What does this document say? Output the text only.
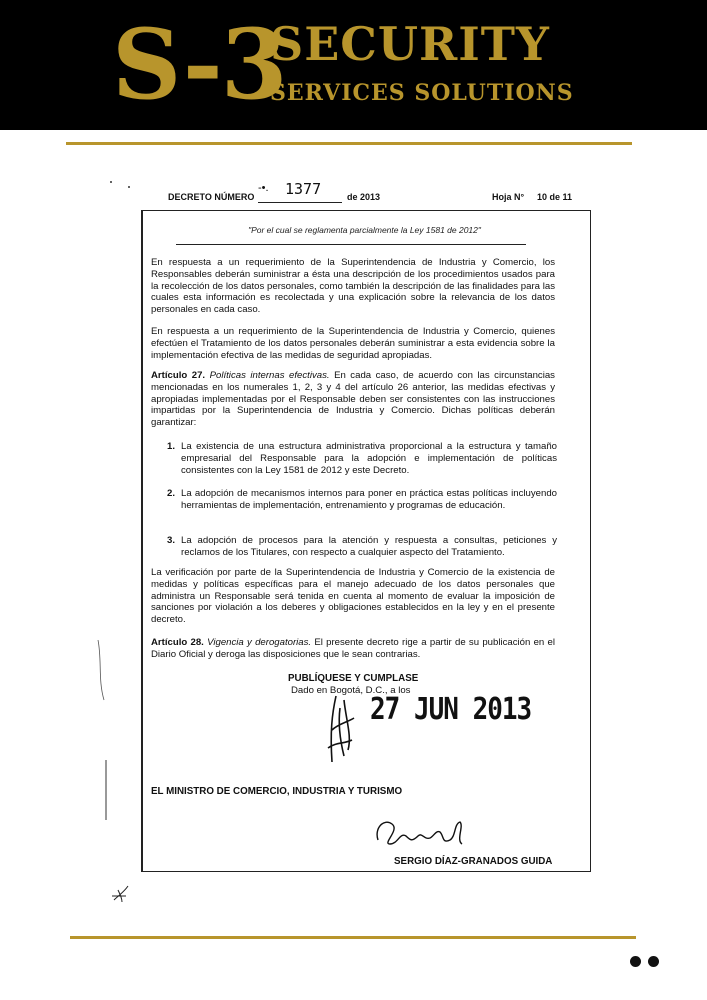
S-3
SECURITY
SERVICES SOLUTIONS
DECRETO NÚMERO
-•. 1377	de 2013	Hoja N° 10 de 11
"Por el cual se reglamenta parcialmente la Ley 1581 de 2012"
En respuesta a un requerimiento de la Superintendencia de Industria y Comercio, los Responsables deberán suministrar a ésta una descripción de los procedimientos usados para la recolección de los datos personales, como también la descripción de las finalidades para las cuales esta información es recolectada y una explicación sobre la relevancia de los datos personales en cada caso.
En respuesta a un requerimiento de la Superintendencia de Industria y Comercio, quienes efectúen el Tratamiento de los datos personales deberán suministrar a esta evidencia sobre la implementación efectiva de las medidas de seguridad apropiadas.
Artículo 27. Políticas internas efectivas. En cada caso, de acuerdo con las circunstancias mencionadas en los numerales 1, 2, 3 y 4 del artículo 26 anterior, las medidas efectivas y apropiadas implementadas por el Responsable deben ser consistentes con las instrucciones impartidas por la Superintendencia de Industria y Comercio. Dichas políticas deberán garantizar:
1. La existencia de una estructura administrativa proporcional a la estructura y tamaño empresarial del Responsable para la adopción e implementación de políticas consistentes con la Ley 1581 de 2012 y este Decreto.
2. La adopción de mecanismos internos para poner en práctica estas políticas incluyendo herramientas de implementación, entrenamiento y programas de educación.
3. La adopción de procesos para la atención y respuesta a consultas, peticiones y reclamos de los Titulares, con respecto a cualquier aspecto del Tratamiento.
La verificación por parte de la Superintendencia de Industria y Comercio de la existencia de medidas y políticas específicas para el manejo adecuado de los datos personales que administra un Responsable será tenida en cuenta al momento de evaluar la imposición de sanciones por violación a los deberes y obligaciones establecidos en la ley y en el presente decreto.
Artículo 28. Vigencia y derogatorias. El presente decreto rige a partir de su publicación en el Diario Oficial y deroga las disposiciones que le sean contrarias.
PUBLÍQUESE Y CUMPLASE
Dado en Bogotá, D.C., a los
27 JUN 2013
EL MINISTRO DE COMERCIO, INDUSTRIA Y TURISMO
SERGIO DÍAZ-GRANADOS GUIDA
